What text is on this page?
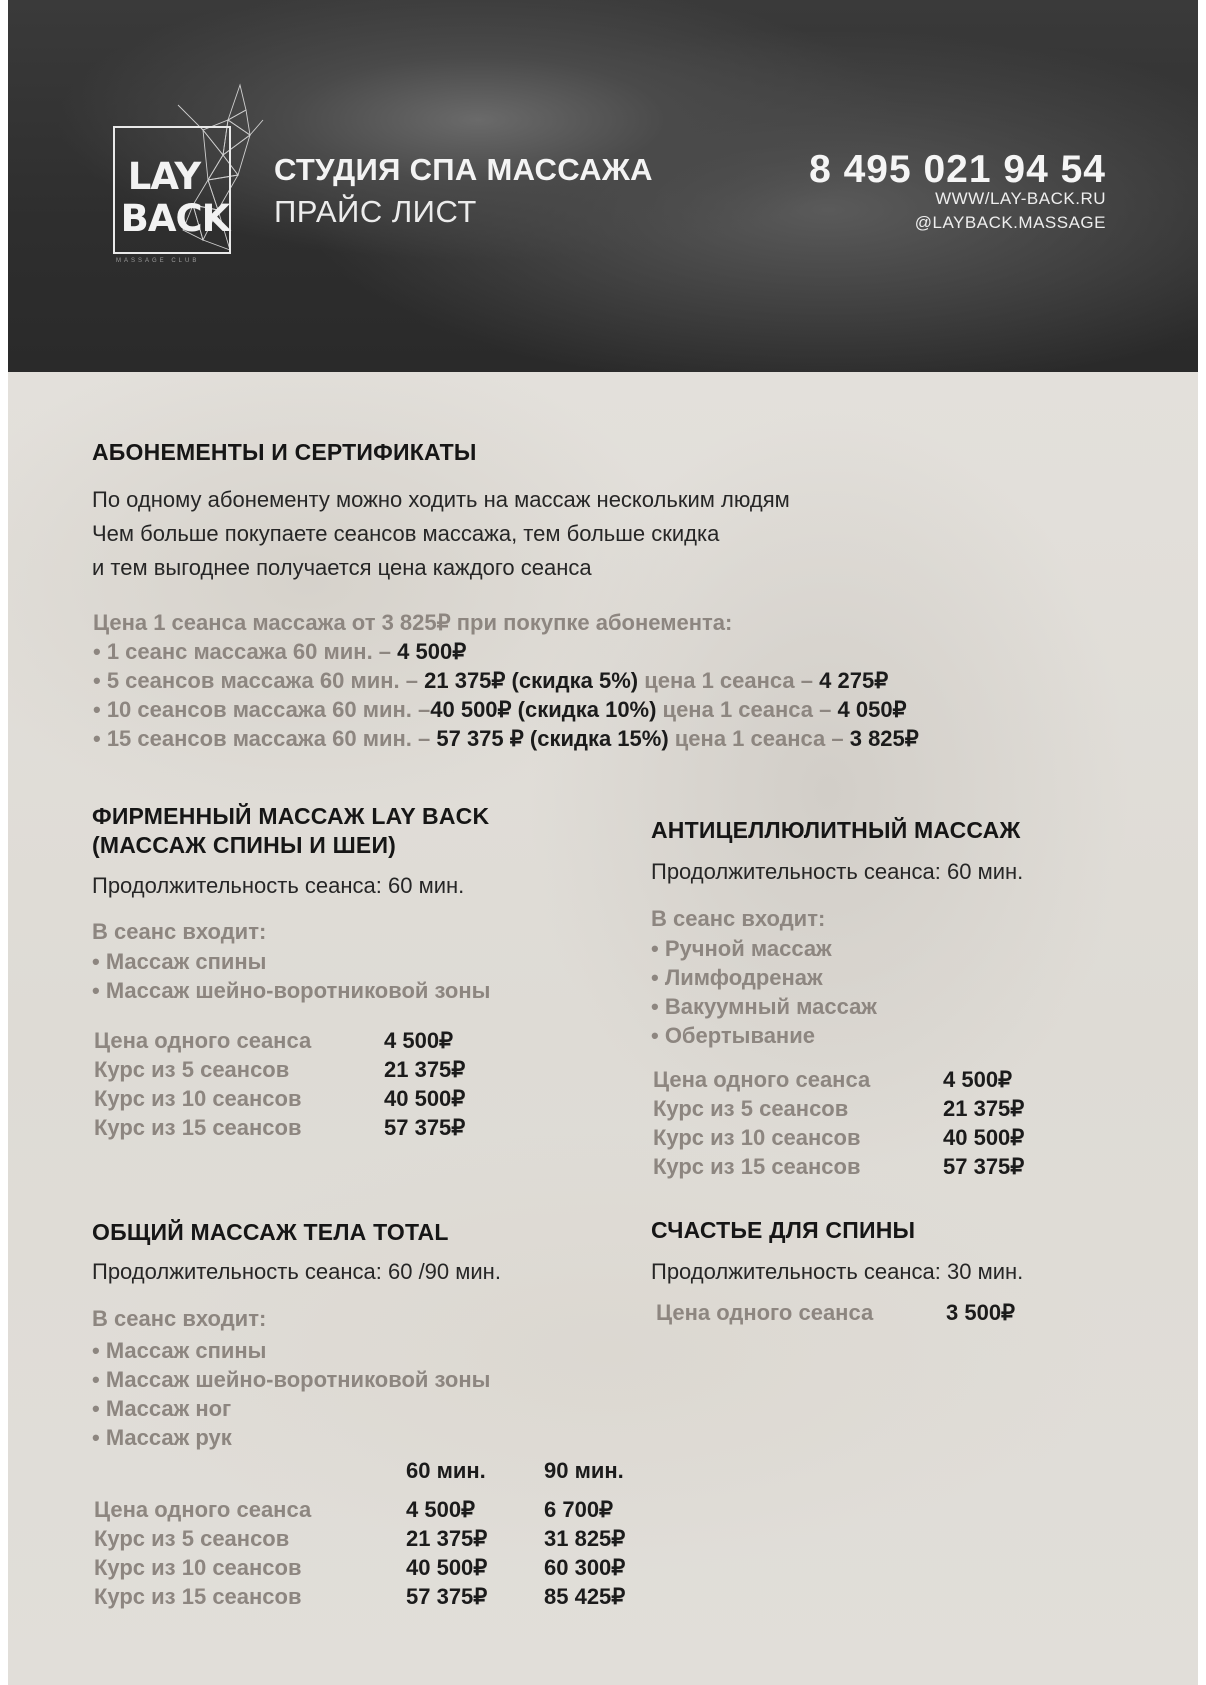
LAY
BACK
MASSAGE CLUB
СТУДИЯ СПА МАССАЖА
ПРАЙС ЛИСТ
8 495 021 94 54
WWW/LAY-BACK.RU
@LAYBACK.MASSAGE
АБОНЕМЕНТЫ И СЕРТИФИКАТЫ
По одному абонементу можно ходить на массаж нескольким людям
Чем больше покупаете сеансов массажа, тем больше скидка
и тем выгоднее получается цена каждого сеанса
Цена 1 сеанса массажа от 3 825₽ при покупке абонемента:
• 1 сеанс массажа 60 мин. – 4 500₽
• 5 сеансов массажа 60 мин. – 21 375₽ (скидка 5%) цена 1 сеанса – 4 275₽
• 10 сеансов массажа 60 мин. –40 500₽ (скидка 10%) цена 1 сеанса – 4 050₽
• 15 сеансов массажа 60 мин. – 57 375 ₽ (скидка 15%) цена 1 сеанса – 3 825₽
ФИРМЕННЫЙ МАССАЖ LAY BACK
(МАССАЖ СПИНЫ И ШЕИ)
Продолжительность сеанса: 60 мин.
В сеанс входит:
• Массаж спины
• Массаж шейно-воротниковой зоны
Цена одного сеанса	4 500₽
Курс из 5 сеансов	21 375₽
Курс из 10 сеансов	40 500₽
Курс из 15 сеансов	57 375₽
АНТИЦЕЛЛЮЛИТНЫЙ МАССАЖ
Продолжительность сеанса: 60 мин.
В сеанс входит:
• Ручной массаж
• Лимфодренаж
• Вакуумный массаж
• Обертывание
Цена одного сеанса	4 500₽
Курс из 5 сеансов	21 375₽
Курс из 10 сеансов	40 500₽
Курс из 15 сеансов	57 375₽
ОБЩИЙ МАССАЖ ТЕЛА TOTAL
Продолжительность сеанса: 60 /90 мин.
В сеанс входит:
• Массаж спины
• Массаж шейно-воротниковой зоны
• Массаж ног
• Массаж рук
60 мин.	90 мин.
Цена одного сеанса	4 500₽	6 700₽
Курс из 5 сеансов	21 375₽	31 825₽
Курс из 10 сеансов	40 500₽	60 300₽
Курс из 15 сеансов	57 375₽	85 425₽
СЧАСТЬЕ ДЛЯ СПИНЫ
Продолжительность сеанса: 30 мин.
Цена одного сеанса	3 500₽
